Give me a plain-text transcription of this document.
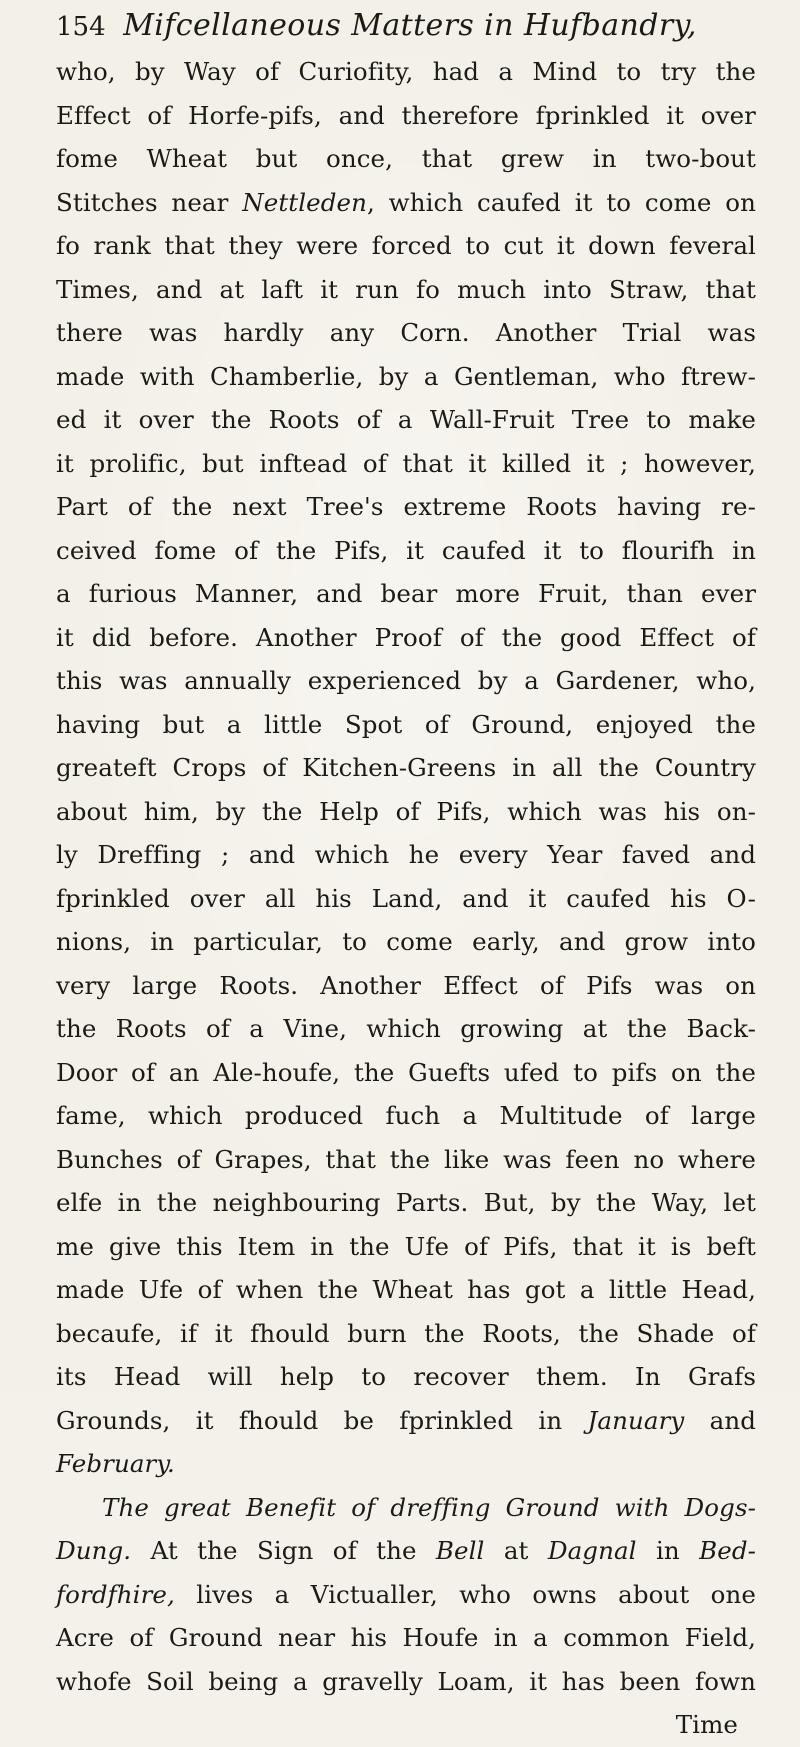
154 Mifcellaneous Matters in Hufbandry,
who, by Way of Curiofity, had a Mind to try the
Effect of Horfe-pifs, and therefore fprinkled it over
fome Wheat but once, that grew in two-bout
Stitches near Nettleden, which caufed it to come on
fo rank that they were forced to cut it down feveral
Times, and at laft it run fo much into Straw, that
there was hardly any Corn. Another Trial was
made with Chamberlie, by a Gentleman, who ftrew-
ed it over the Roots of a Wall-Fruit Tree to make
it prolific, but inftead of that it killed it ; however,
Part of the next Tree's extreme Roots having re-
ceived fome of the Pifs, it caufed it to flourifh in
a furious Manner, and bear more Fruit, than ever
it did before. Another Proof of the good Effect of
this was annually experienced by a Gardener, who,
having but a little Spot of Ground, enjoyed the
greateft Crops of Kitchen-Greens in all the Country
about him, by the Help of Pifs, which was his on-
ly Dreffing ; and which he every Year faved and
fprinkled over all his Land, and it caufed his O-
nions, in particular, to come early, and grow into
very large Roots. Another Effect of Pifs was on
the Roots of a Vine, which growing at the Back-
Door of an Ale-houfe, the Guefts ufed to pifs on the
fame, which produced fuch a Multitude of large
Bunches of Grapes, that the like was feen no where
elfe in the neighbouring Parts. But, by the Way, let
me give this Item in the Ufe of Pifs, that it is beft
made Ufe of when the Wheat has got a little Head,
becaufe, if it fhould burn the Roots, the Shade of
its Head will help to recover them. In Grafs
Grounds, it fhould be fprinkled in January and
February.
The great Benefit of dreffing Ground with Dogs-
Dung. At the Sign of the Bell at Dagnal in Bed-
fordfhire, lives a Victualler, who owns about one
Acre of Ground near his Houfe in a common Field,
whofe Soil being a gravelly Loam, it has been fown
Time
